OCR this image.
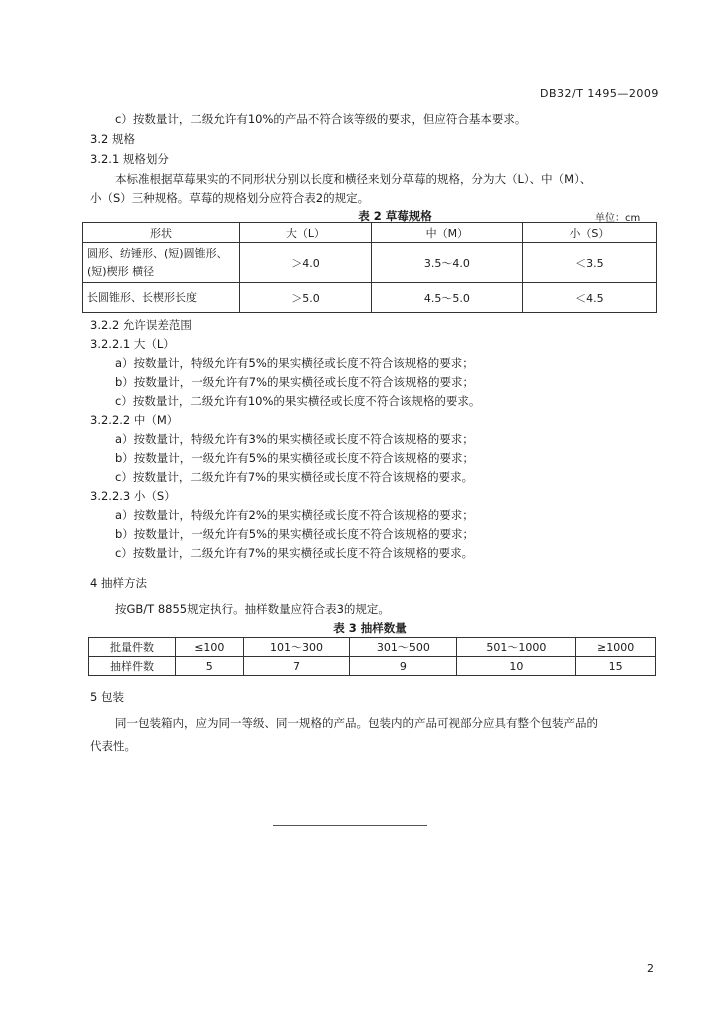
DB32/T 1495—2009
c）按数量计，二级允许有10%的产品不符合该等级的要求，但应符合基本要求。
3.2 规格
3.2.1 规格划分
本标准根据草莓果实的不同形状分别以长度和横径来划分草莓的规格，分为大（L）、中（M）、
小（S）三种规格。草莓的规格划分应符合表2的规定。
表 2 草莓规格	单位：cm
形状	大（L）	中（M）	小（S）
圆形、纺锤形、(短)圆锥形、(短)楔形 横径	＞4.0	3.5～4.0	＜3.5
长圆锥形、长楔形长度	＞5.0	4.5～5.0	＜4.5
3.2.2 允许误差范围
3.2.2.1 大（L）
a）按数量计，特级允许有5%的果实横径或长度不符合该规格的要求；
b）按数量计，一级允许有7%的果实横径或长度不符合该规格的要求；
c）按数量计，二级允许有10%的果实横径或长度不符合该规格的要求。
3.2.2.2 中（M）
a）按数量计，特级允许有3%的果实横径或长度不符合该规格的要求；
b）按数量计，一级允许有5%的果实横径或长度不符合该规格的要求；
c）按数量计，二级允许有7%的果实横径或长度不符合该规格的要求。
3.2.2.3 小（S）
a）按数量计，特级允许有2%的果实横径或长度不符合该规格的要求；
b）按数量计，一级允许有5%的果实横径或长度不符合该规格的要求；
c）按数量计，二级允许有7%的果实横径或长度不符合该规格的要求。
4 抽样方法
按GB/T 8855规定执行。抽样数量应符合表3的规定。
表 3 抽样数量
批量件数	≤100	101～300	301～500	501～1000	≥1000
抽样件数	5	7	9	10	15
5 包装
同一包装箱内，应为同一等级、同一规格的产品。包装内的产品可视部分应具有整个包装产品的
代表性。
2
